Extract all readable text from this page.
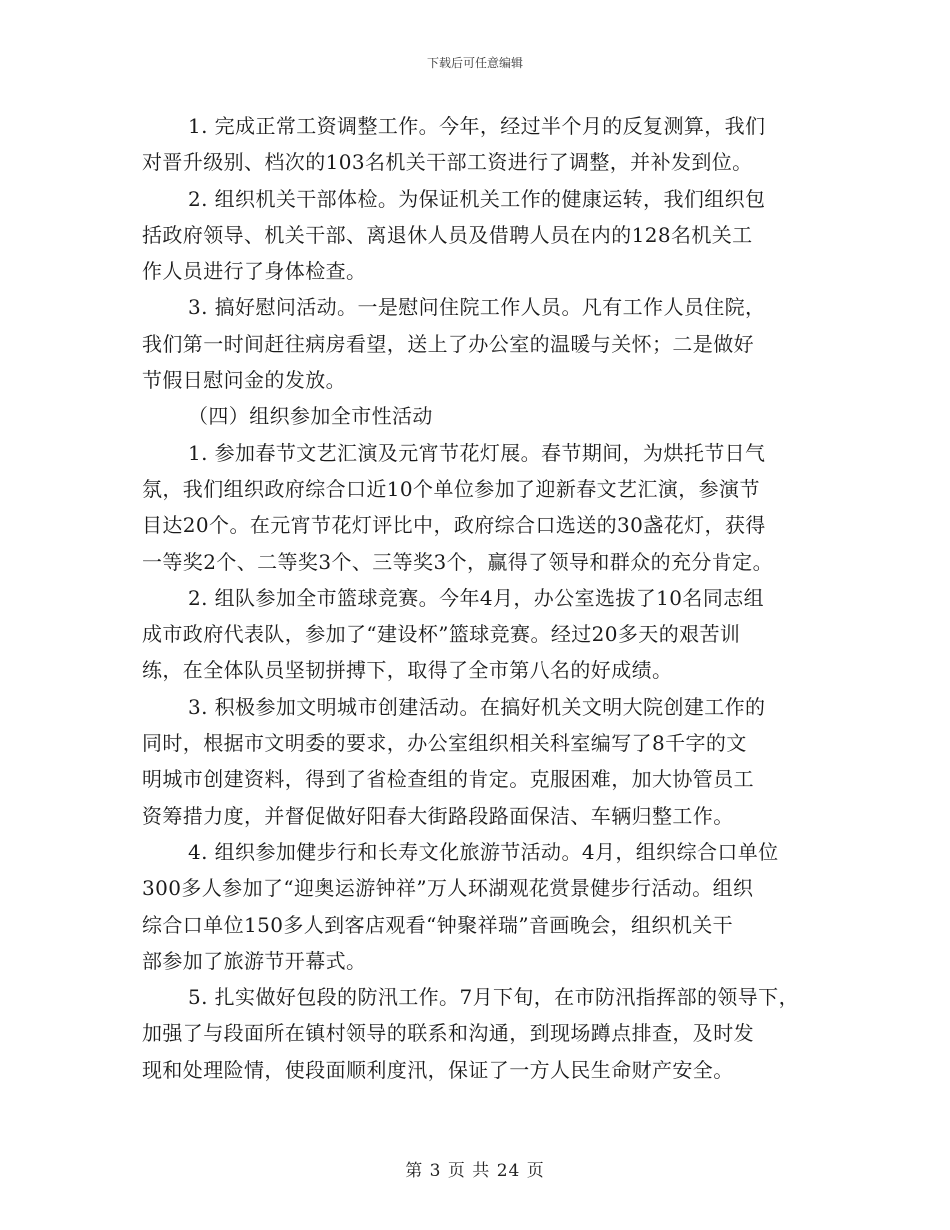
下载后可任意编辑
1. 完成正常工资调整工作。今年，经过半个月的反复测算，我们
对晋升级别、档次的103名机关干部工资进行了调整，并补发到位。
2. 组织机关干部体检。为保证机关工作的健康运转，我们组织包
括政府领导、机关干部、离退休人员及借聘人员在内的128名机关工
作人员进行了身体检查。
3. 搞好慰问活动。一是慰问住院工作人员。凡有工作人员住院，
我们第一时间赶往病房看望，送上了办公室的温暖与关怀；二是做好
节假日慰问金的发放。
（四）组织参加全市性活动
1. 参加春节文艺汇演及元宵节花灯展。春节期间，为烘托节日气
氛，我们组织政府综合口近10个单位参加了迎新春文艺汇演，参演节
目达20个。在元宵节花灯评比中，政府综合口选送的30盏花灯，获得
一等奖2个、二等奖3个、三等奖3个，赢得了领导和群众的充分肯定。
2. 组队参加全市篮球竞赛。今年4月，办公室选拔了10名同志组
成市政府代表队，参加了“建设杯”篮球竞赛。经过20多天的艰苦训
练，在全体队员坚韧拼搏下，取得了全市第八名的好成绩。
3. 积极参加文明城市创建活动。在搞好机关文明大院创建工作的
同时，根据市文明委的要求，办公室组织相关科室编写了8千字的文
明城市创建资料，得到了省检查组的肯定。克服困难，加大协管员工
资筹措力度，并督促做好阳春大街路段路面保洁、车辆归整工作。
4. 组织参加健步行和长寿文化旅游节活动。4月，组织综合口单位
300多人参加了“迎奥运游钟祥”万人环湖观花赏景健步行活动。组织
综合口单位150多人到客店观看“钟聚祥瑞”音画晚会，组织机关干
部参加了旅游节开幕式。
5. 扎实做好包段的防汛工作。7月下旬，在市防汛指挥部的领导下，
加强了与段面所在镇村领导的联系和沟通，到现场蹲点排查，及时发
现和处理险情，使段面顺利度汛，保证了一方人民生命财产安全。
第 3 页 共 24 页
